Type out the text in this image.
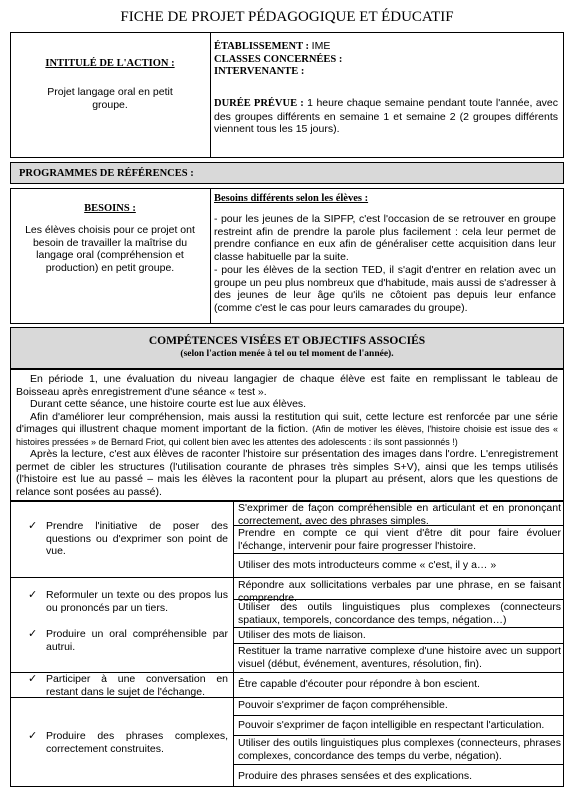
FICHE DE PROJET PÉDAGOGIQUE ET ÉDUCATIF
INTITULÉ DE L'ACTION :
Projet langage oral en petit groupe.
ÉTABLISSEMENT : IME
CLASSES CONCERNÉES :
INTERVENANTE :
DURÉE PRÉVUE : 1 heure chaque semaine pendant toute l'année, avec des groupes différents en semaine 1 et semaine 2 (2 groupes différents viennent tous les 15 jours).
PROGRAMMES DE RÉFÉRENCES :
BESOINS :
Les élèves choisis pour ce projet ont besoin de travailler la maîtrise du langage oral (compréhension et production) en petit groupe.
Besoins différents selon les élèves :
- pour les jeunes de la SIPFP, c'est l'occasion de se retrouver en groupe restreint afin de prendre la parole plus facilement : cela leur permet de prendre confiance en eux afin de généraliser cette acquisition dans leur classe habituelle par la suite.
- pour les élèves de la section TED, il s'agit d'entrer en relation avec un groupe un peu plus nombreux que d'habitude, mais aussi de s'adresser à des jeunes de leur âge qu'ils ne côtoient pas depuis leur enfance (comme c'est le cas pour leurs camarades du groupe).
COMPÉTENCES VISÉES ET OBJECTIFS ASSOCIÉS
(selon l'action menée à tel ou tel moment de l'année).

En période 1, une évaluation du niveau langagier de chaque élève est faite en remplissant le tableau de Boisseau après enregistrement d'une séance « test ».

Durant cette séance, une histoire courte est lue aux élèves.

Afin d'améliorer leur compréhension, mais aussi la restitution qui suit, cette lecture est renforcée par une série d'images qui illustrent chaque moment important de la fiction. (Afin de motiver les élèves, l'histoire choisie est issue des « histoires pressées » de Bernard Friot, qui collent bien avec les attentes des adolescents : ils sont passionnés !)

Après la lecture, c'est aux élèves de raconter l'histoire sur présentation des images dans l'ordre. L'enregistrement permet de cibler les structures (l'utilisation courante de phrases très simples S+V), ainsi que les temps utilisés (l'histoire est lue au passé – mais les élèves la racontent pour la plupart au présent, alors que les questions de relance sont posées au passé).

✓ Prendre l'initiative de poser des questions ou d'exprimer son point de vue.
S'exprimer de façon compréhensible en articulant et en prononçant correctement, avec des phrases simples.
Prendre en compte ce qui vient d'être dit pour faire évoluer l'échange, intervenir pour faire progresser l'histoire.
Utiliser des mots introducteurs comme « c'est, il y a… »
✓ Reformuler un texte ou des propos lus ou prononcés par un tiers.
✓ Produire un oral compréhensible par autrui.
Répondre aux sollicitations verbales par une phrase, en se faisant comprendre.
Utiliser des outils linguistiques plus complexes (connecteurs spatiaux, temporels, concordance des temps, négation…)
Utiliser des mots de liaison.
Restituer la trame narrative complexe d'une histoire avec un support visuel (début, événement, aventures, résolution, fin).
✓ Participer à une conversation en restant dans le sujet de l'échange.
Être capable d'écouter pour répondre à bon escient.
✓ Produire des phrases complexes, correctement construites.
Pouvoir s'exprimer de façon compréhensible.
Pouvoir s'exprimer de façon intelligible en respectant l'articulation.
Utiliser des outils linguistiques plus complexes (connecteurs, phrases complexes, concordance des temps du verbe, négation).
Produire des phrases sensées et des explications.
